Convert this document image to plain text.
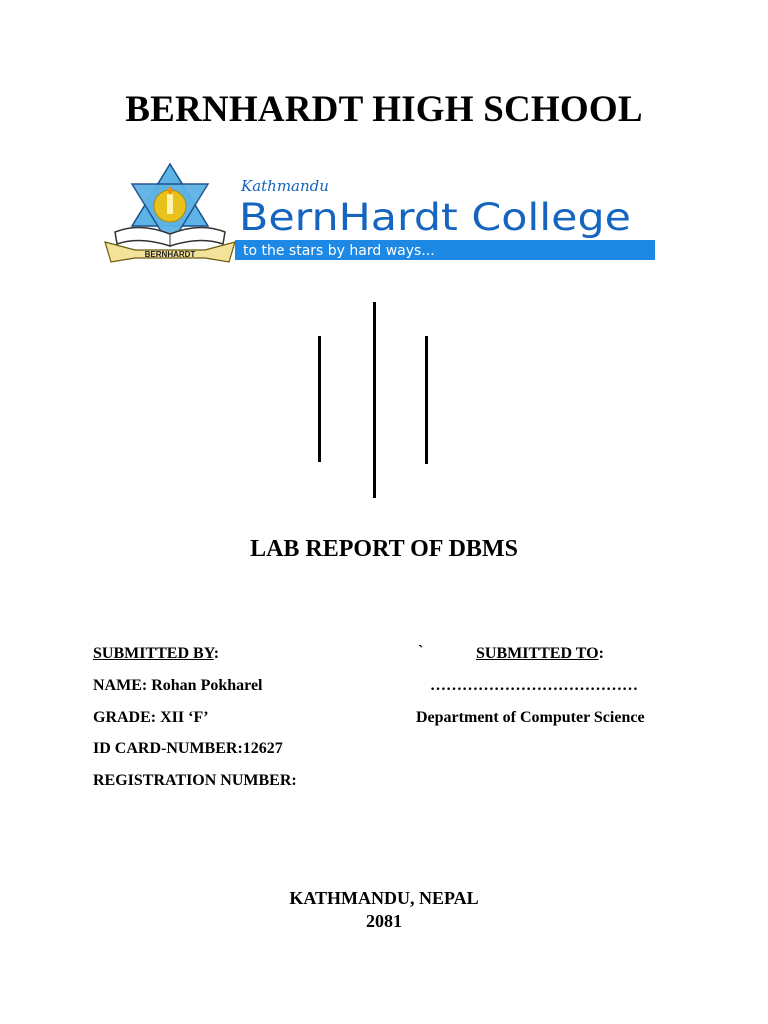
BERNHARDT HIGH SCHOOL
BERNHARDT
Kathmandu
BernHardt College
to the stars by hard ways...
LAB REPORT OF DBMS
SUBMITTED BY:
NAME: Rohan Pokharel
GRADE: XII ‘F’
ID CARD-NUMBER:12627
REGISTRATION NUMBER:
`	SUBMITTED TO:
…………………………………
Department of Computer Science
KATHMANDU, NEPAL
2081
